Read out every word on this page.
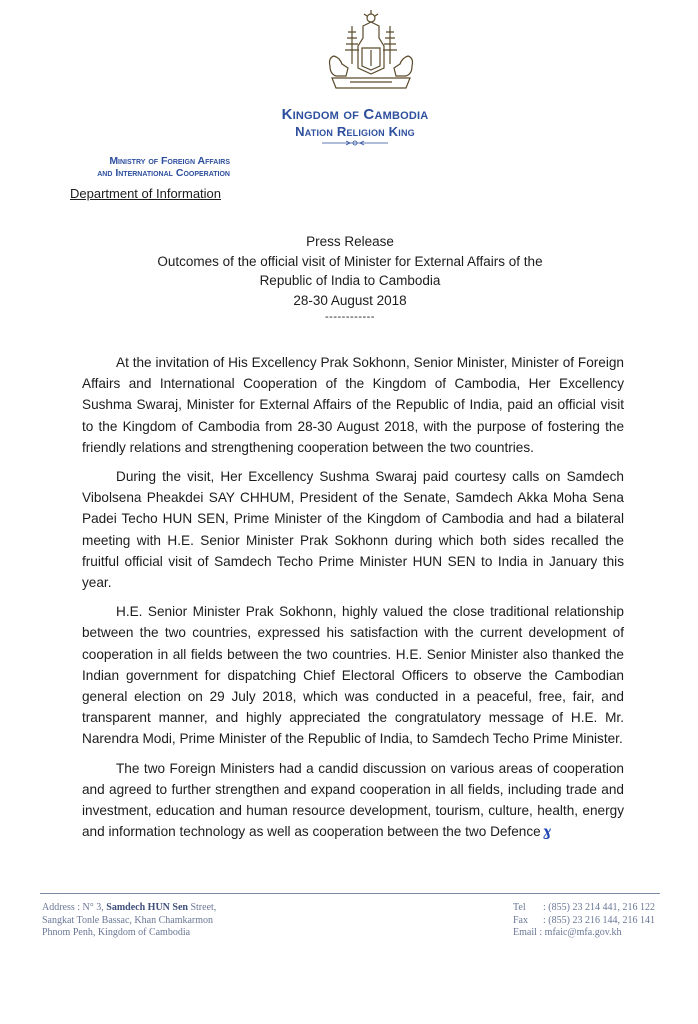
Kingdom of Cambodia
Nation Religion King
Ministry of Foreign Affairs
and International Cooperation
Department of Information
Press Release
Outcomes of the official visit of Minister for External Affairs of the
Republic of India to Cambodia
28-30 August 2018
------------

At the invitation of His Excellency Prak Sokhonn, Senior Minister, Minister of Foreign Affairs and International Cooperation of the Kingdom of Cambodia, Her Excellency Sushma Swaraj, Minister for External Affairs of the Republic of India, paid an official visit to the Kingdom of Cambodia from 28-30 August 2018, with the purpose of fostering the friendly relations and strengthening cooperation between the two countries.

During the visit, Her Excellency Sushma Swaraj paid courtesy calls on Samdech Vibolsena Pheakdei SAY CHHUM, President of the Senate, Samdech Akka Moha Sena Padei Techo HUN SEN, Prime Minister of the Kingdom of Cambodia and had a bilateral meeting with H.E. Senior Minister Prak Sokhonn during which both sides recalled the fruitful official visit of Samdech Techo Prime Minister HUN SEN to India in January this year.

H.E. Senior Minister Prak Sokhonn, highly valued the close traditional relationship between the two countries, expressed his satisfaction with the current development of cooperation in all fields between the two countries. H.E. Senior Minister also thanked the Indian government for dispatching Chief Electoral Officers to observe the Cambodian general election on 29 July 2018, which was conducted in a peaceful, free, fair, and transparent manner, and highly appreciated the congratulatory message of H.E. Mr. Narendra Modi, Prime Minister of the Republic of India, to Samdech Techo Prime Minister.

The two Foreign Ministers had a candid discussion on various areas of cooperation and agreed to further strengthen and expand cooperation in all fields, including trade and investment, education and human resource development, tourism, culture, health, energy and information technology as well as cooperation between the two Defence ɣ

Address : N° 3, Samdech HUN Sen Street,
Sangkat Tonle Bassac, Khan Chamkarmon
Phnom Penh, Kingdom of Cambodia
Tel : (855) 23 214 441, 216 122
Fax : (855) 23 216 144, 216 141
Email : mfaic@mfa.gov.kh
